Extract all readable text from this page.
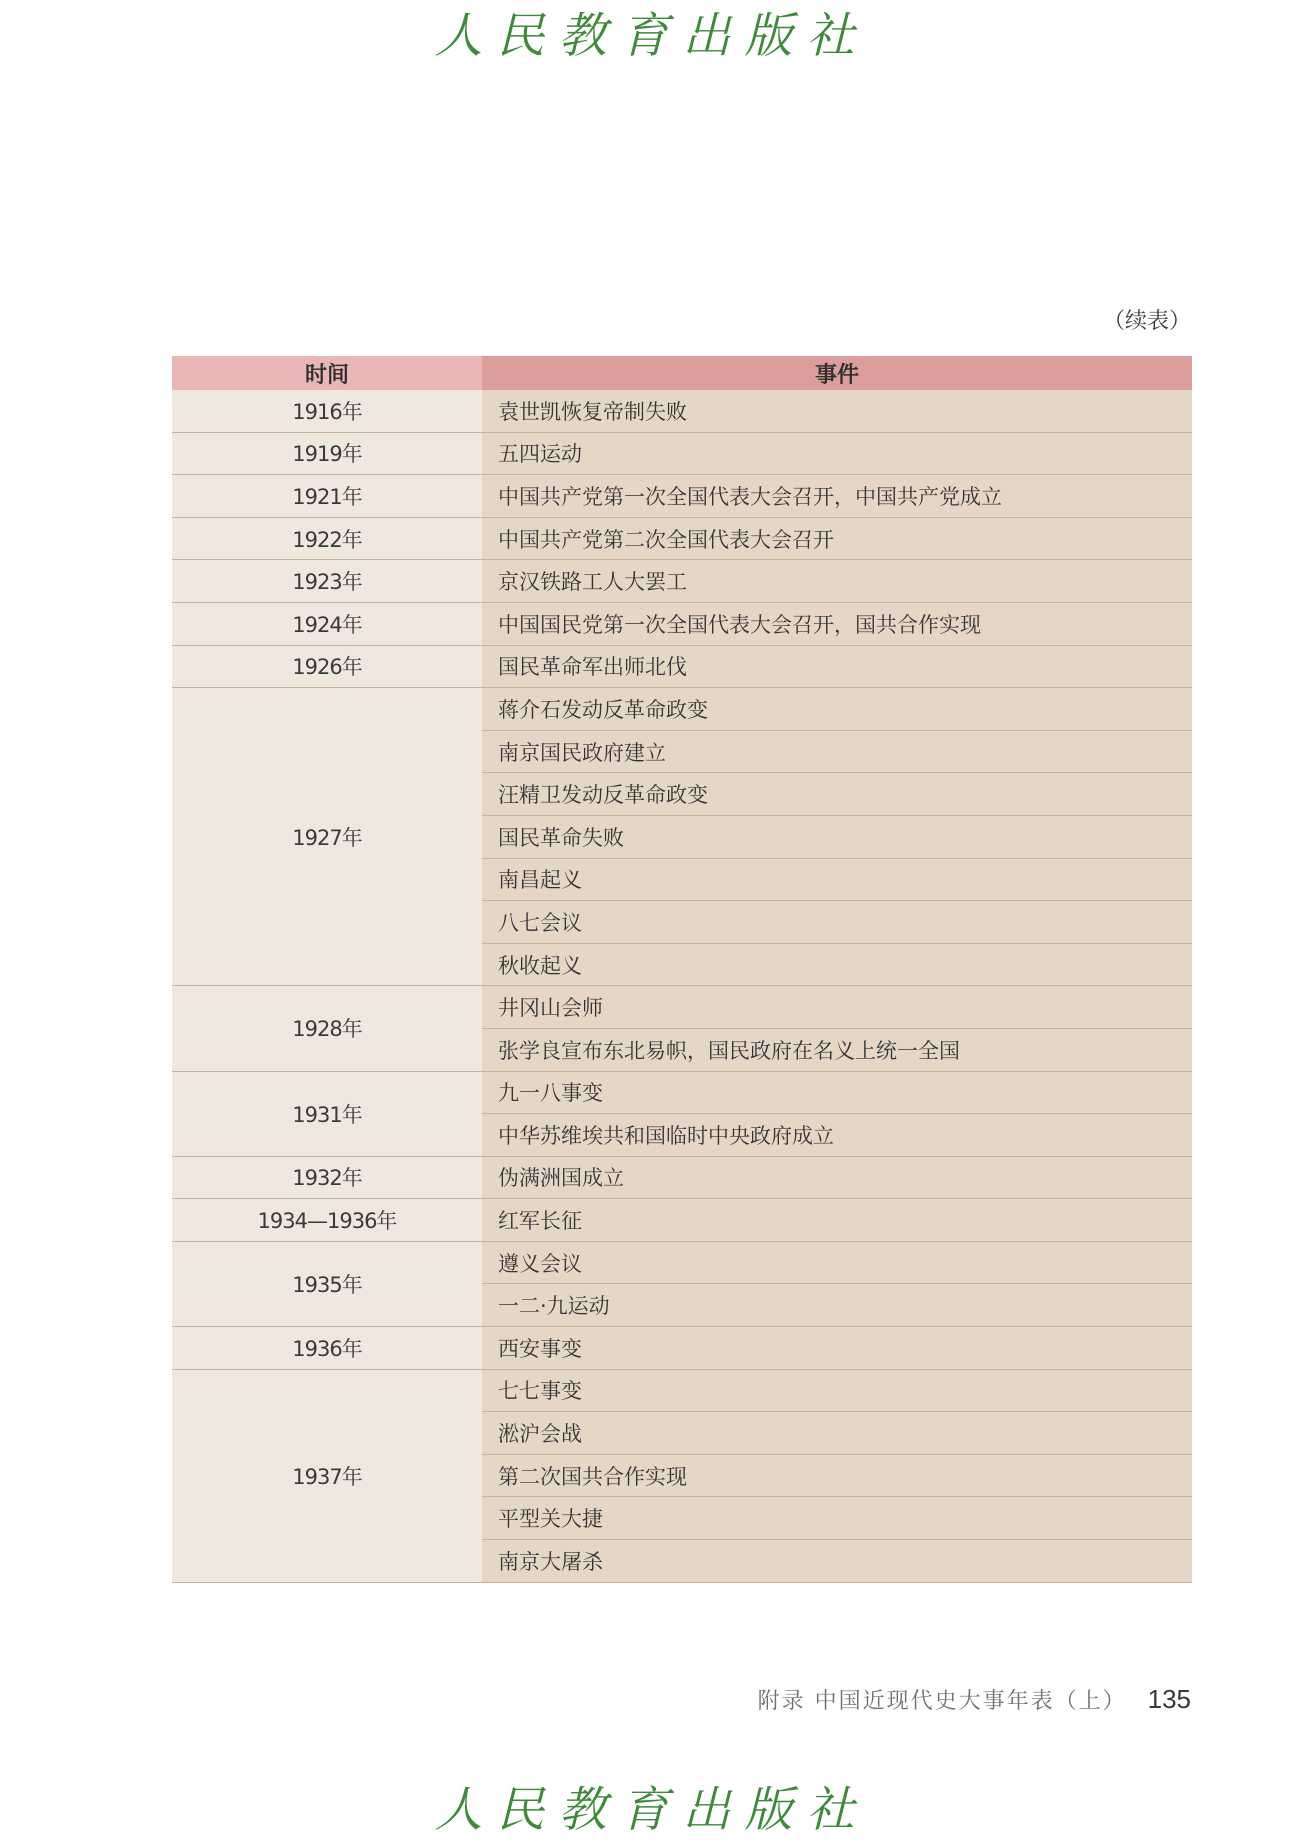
人民教育出版社
（续表）
时间	事件
1916年	袁世凯恢复帝制失败
1919年	五四运动
1921年	中国共产党第一次全国代表大会召开，中国共产党成立
1922年	中国共产党第二次全国代表大会召开
1923年	京汉铁路工人大罢工
1924年	中国国民党第一次全国代表大会召开，国共合作实现
1926年	国民革命军出师北伐
1927年	蒋介石发动反革命政变
	南京国民政府建立
	汪精卫发动反革命政变
	国民革命失败
	南昌起义
	八七会议
	秋收起义
1928年	井冈山会师
	张学良宣布东北易帜，国民政府在名义上统一全国
1931年	九一八事变
	中华苏维埃共和国临时中央政府成立
1932年	伪满洲国成立
1934—1936年	红军长征
1935年	遵义会议
	一二·九运动
1936年	西安事变
1937年	七七事变
	淞沪会战
	第二次国共合作实现
	平型关大捷
	南京大屠杀
附录 中国近现代史大事年表（上） 135
人民教育出版社
